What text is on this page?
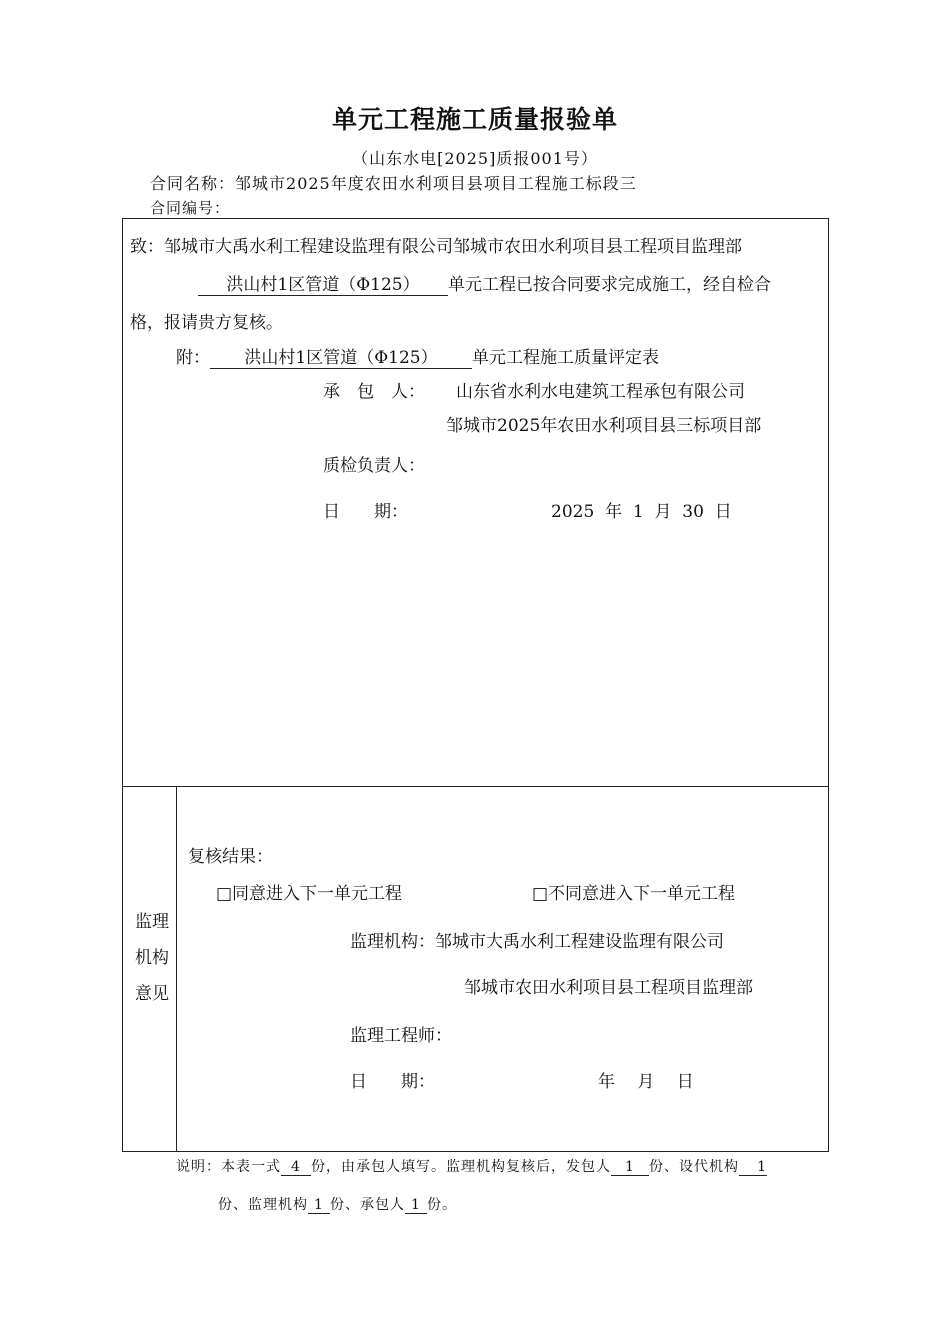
单元工程施工质量报验单
（山东水电[2025]质报001号）
合同名称：邹城市2025年度农田水利项目县项目工程施工标段三
合同编号：
致：邹城市大禹水利工程建设监理有限公司邹城市农田水利项目县工程项目监理部
洪山村1区管道（Φ125） 单元工程已按合同要求完成施工，经自检合
格，报请贵方复核。
附： 洪山村1区管道（Φ125） 单元工程施工质量评定表
承　包　人： 山东省水利水电建筑工程承包有限公司
邹城市2025年农田水利项目县三标项目部
质检负责人：
日　　期：	2025  年  1  月  30  日
监理机构意见
复核结果：
□同意进入下一单元工程	□不同意进入下一单元工程
监理机构：邹城市大禹水利工程建设监理有限公司
邹城市农田水利项目县工程项目监理部
监理工程师：
日　　期：	年　 月　 日
说明：本表一式 4 份，由承包人填写。监理机构复核后，发包人 1 份、设代机构 1
份、监理机构 1 份、承包人 1 份。
